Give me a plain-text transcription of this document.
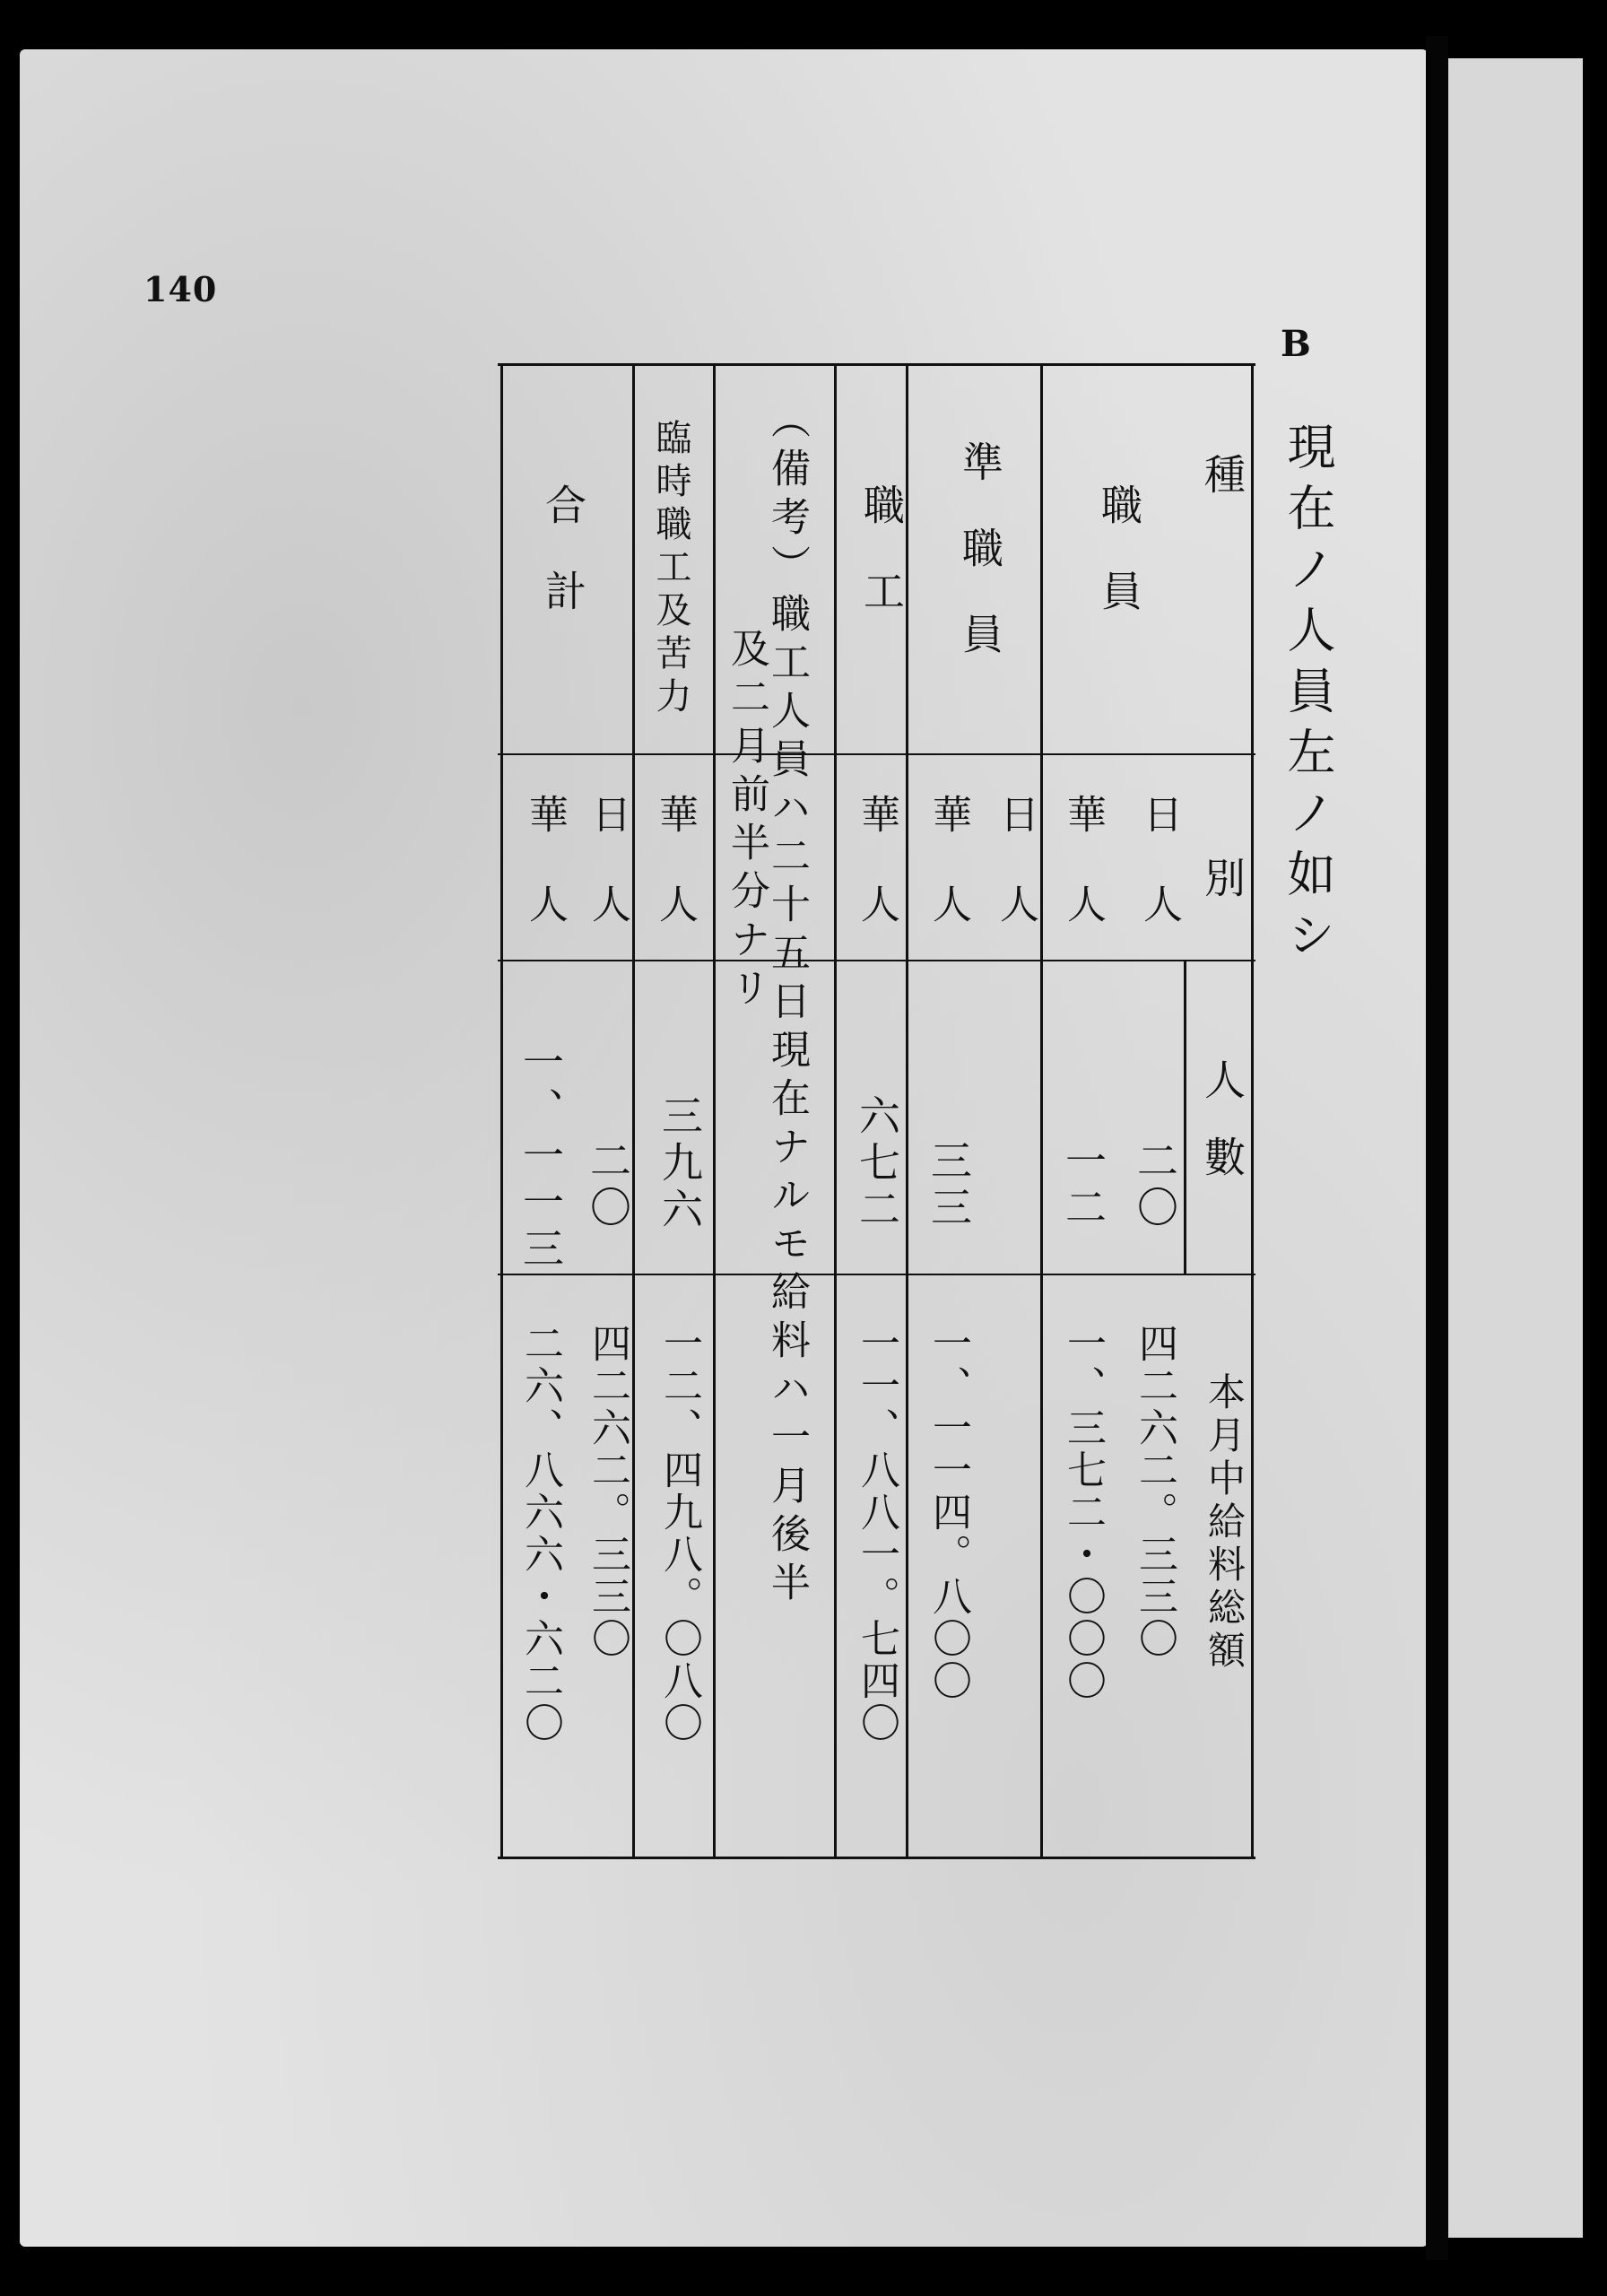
140
B
現在ノ人員左ノ如シ
種
別
人數
本月中給料総額
職員
準職員
職工
臨時職工及苦力
合計	（備考）職工人員ハ二十五日現在ナルモ給料ハ一月後半
及二月前半分ナリ	日人
華人
日人
華人
華人
華人
日人
華人
二〇
一二
三三
六七二
三九六
二〇
一、一一三
四二六二。三三〇
一、三七二・〇〇〇
一、一一四。八〇〇
一一、八八一。七四〇
一二、四九八。〇八〇
四二六二。三三〇
二六、八六六・六二〇
